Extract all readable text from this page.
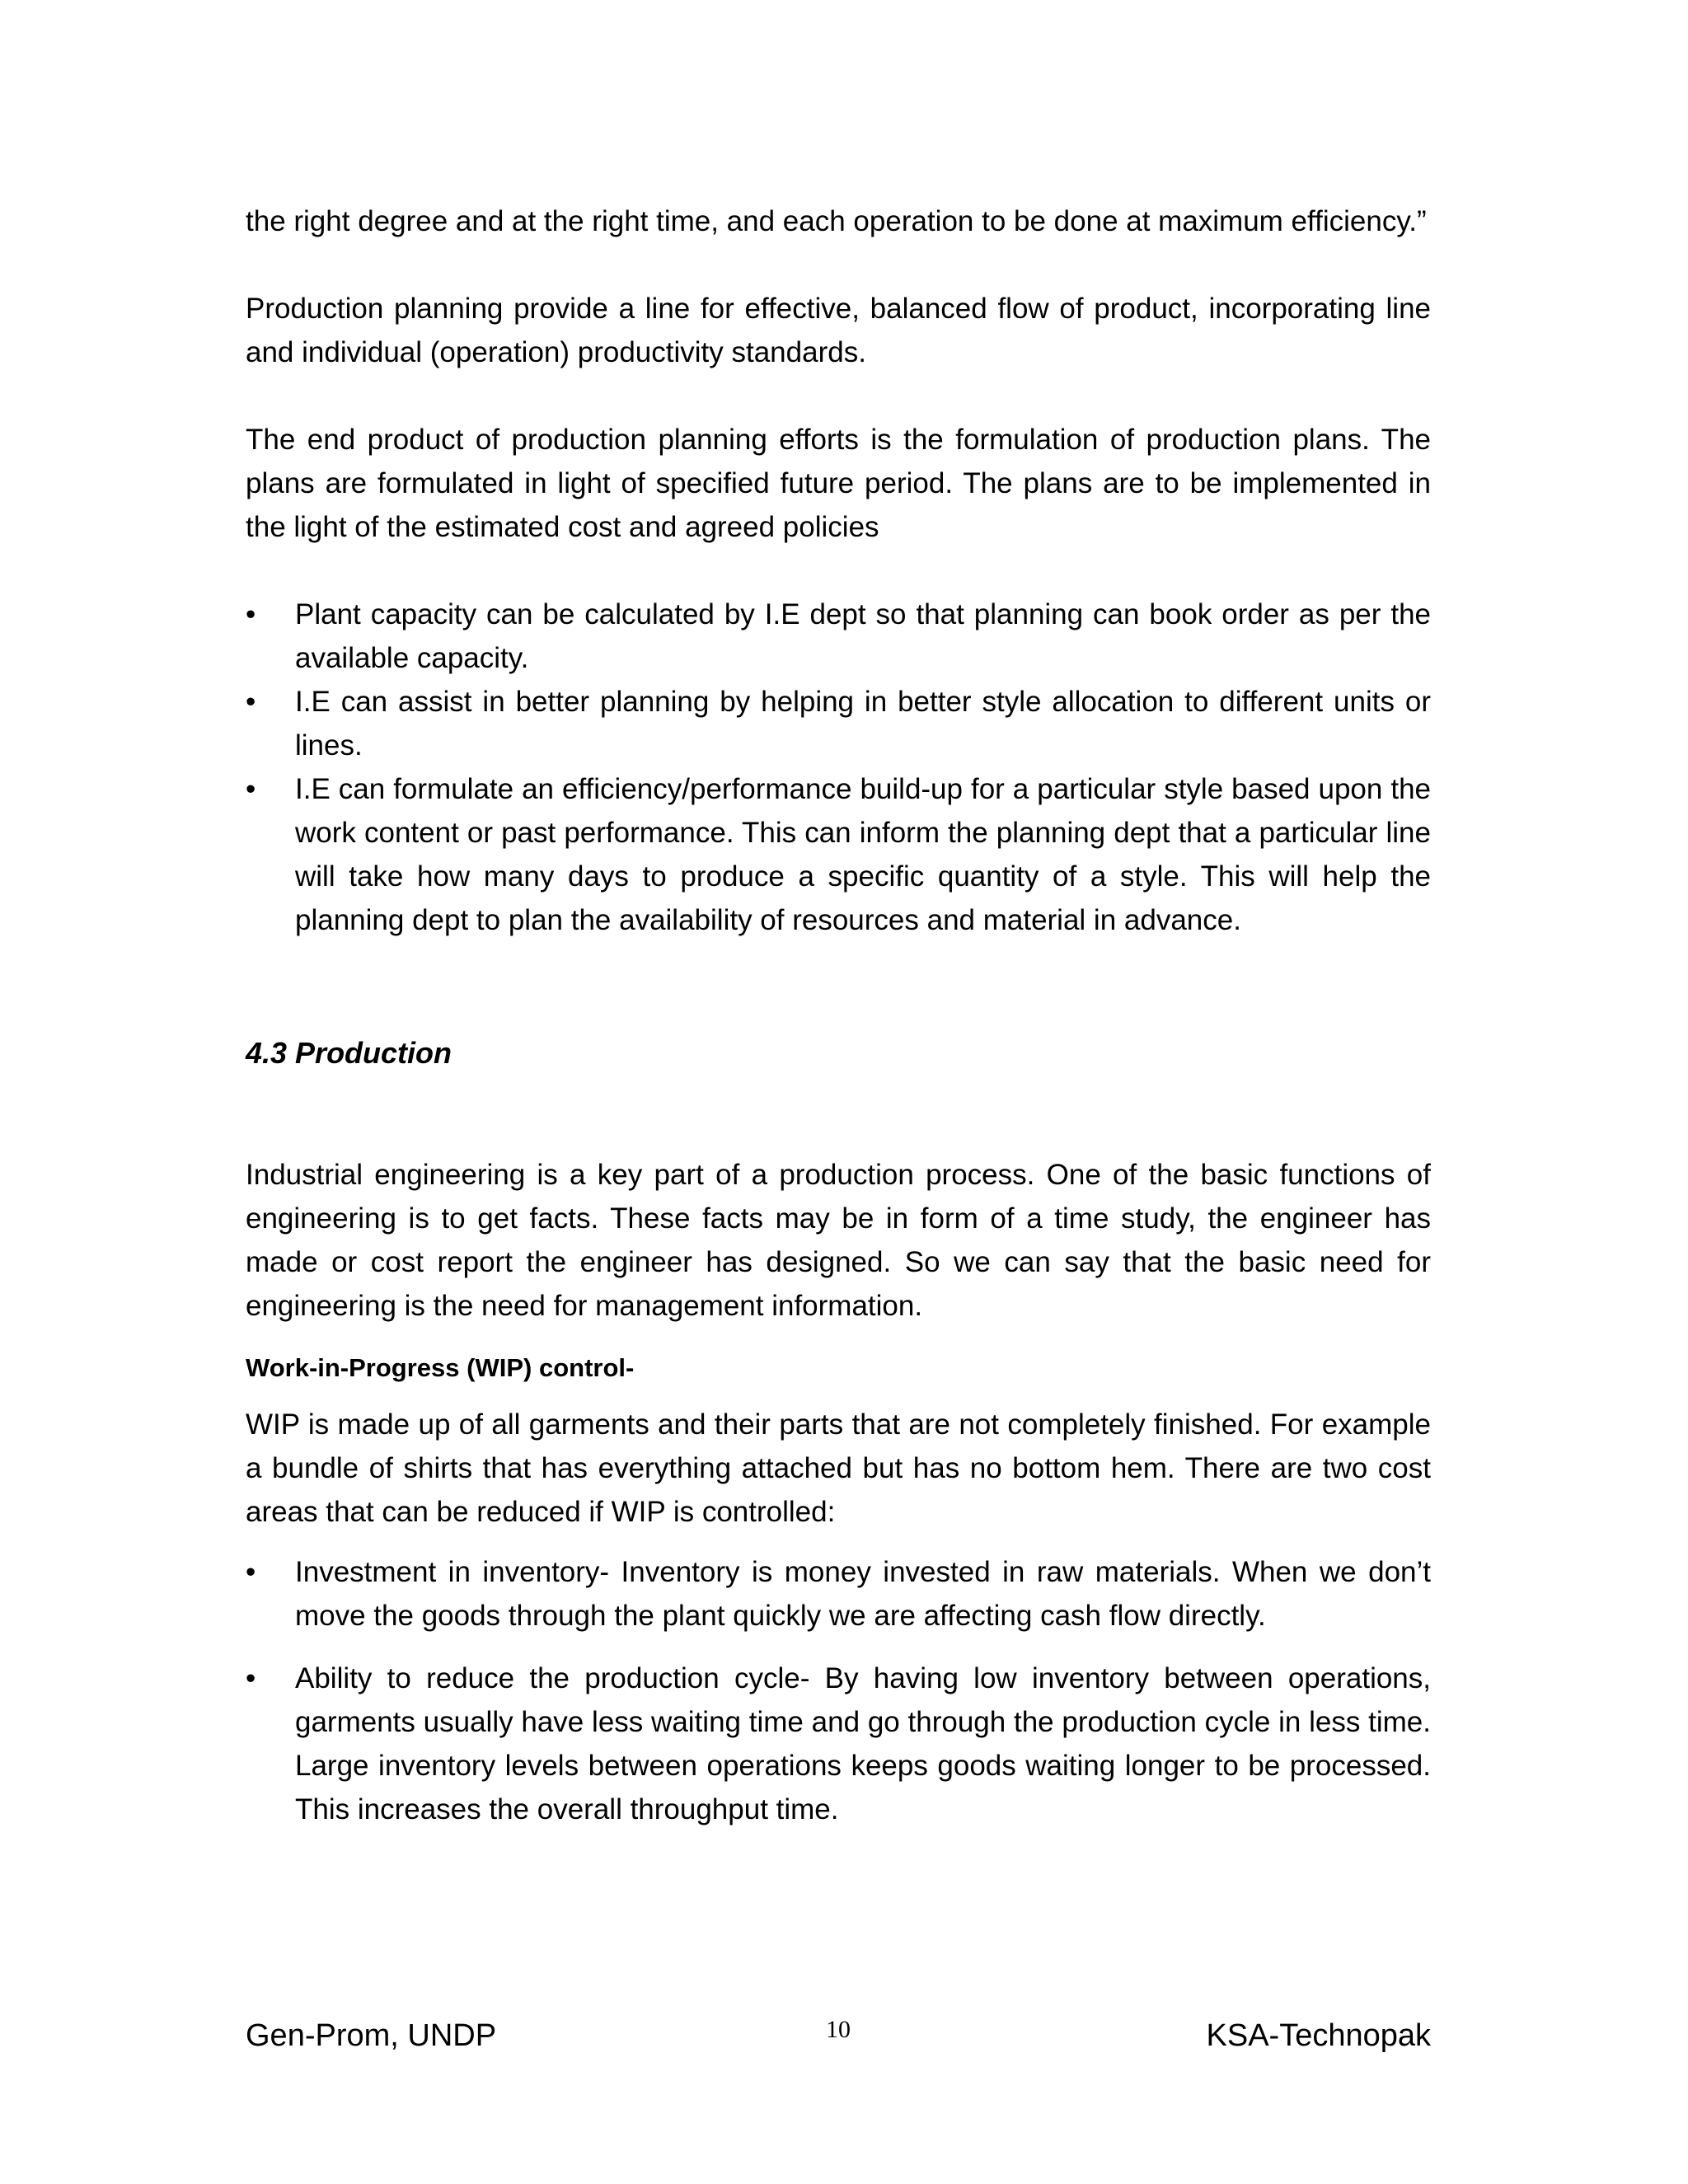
the right degree and at the right time, and each operation to be done at maximum efficiency.”

Production planning provide a line for effective, balanced flow of product, incorporating line and individual (operation) productivity standards.

The end product of production planning efforts is the formulation of production plans. The plans are formulated in light of specified future period. The plans are to be implemented in the light of the estimated cost and agreed policies

• Plant capacity can be calculated by I.E dept so that planning can book order as per the available capacity.
• I.E can assist in better planning by helping in better style allocation to different units or lines.
• I.E can formulate an efficiency/performance build-up for a particular style based upon the work content or past performance. This can inform the planning dept that a particular line will take how many days to produce a specific quantity of a style. This will help the planning dept to plan the availability of resources and material in advance.
4.3 Production

Industrial engineering is a key part of a production process. One of the basic functions of engineering is to get facts. These facts may be in form of a time study, the engineer has made or cost report the engineer has designed. So we can say that the basic need for engineering is the need for management information.

Work-in-Progress (WIP) control-

WIP is made up of all garments and their parts that are not completely finished. For example a bundle of shirts that has everything attached but has no bottom hem. There are two cost areas that can be reduced if WIP is controlled:

• Investment in inventory- Inventory is money invested in raw materials. When we don’t move the goods through the plant quickly we are affecting cash flow directly.
• Ability to reduce the production cycle- By having low inventory between operations, garments usually have less waiting time and go through the production cycle in less time. Large inventory levels between operations keeps goods waiting longer to be processed. This increases the overall throughput time.
Gen-Prom, UNDP	10	KSA-Technopak
